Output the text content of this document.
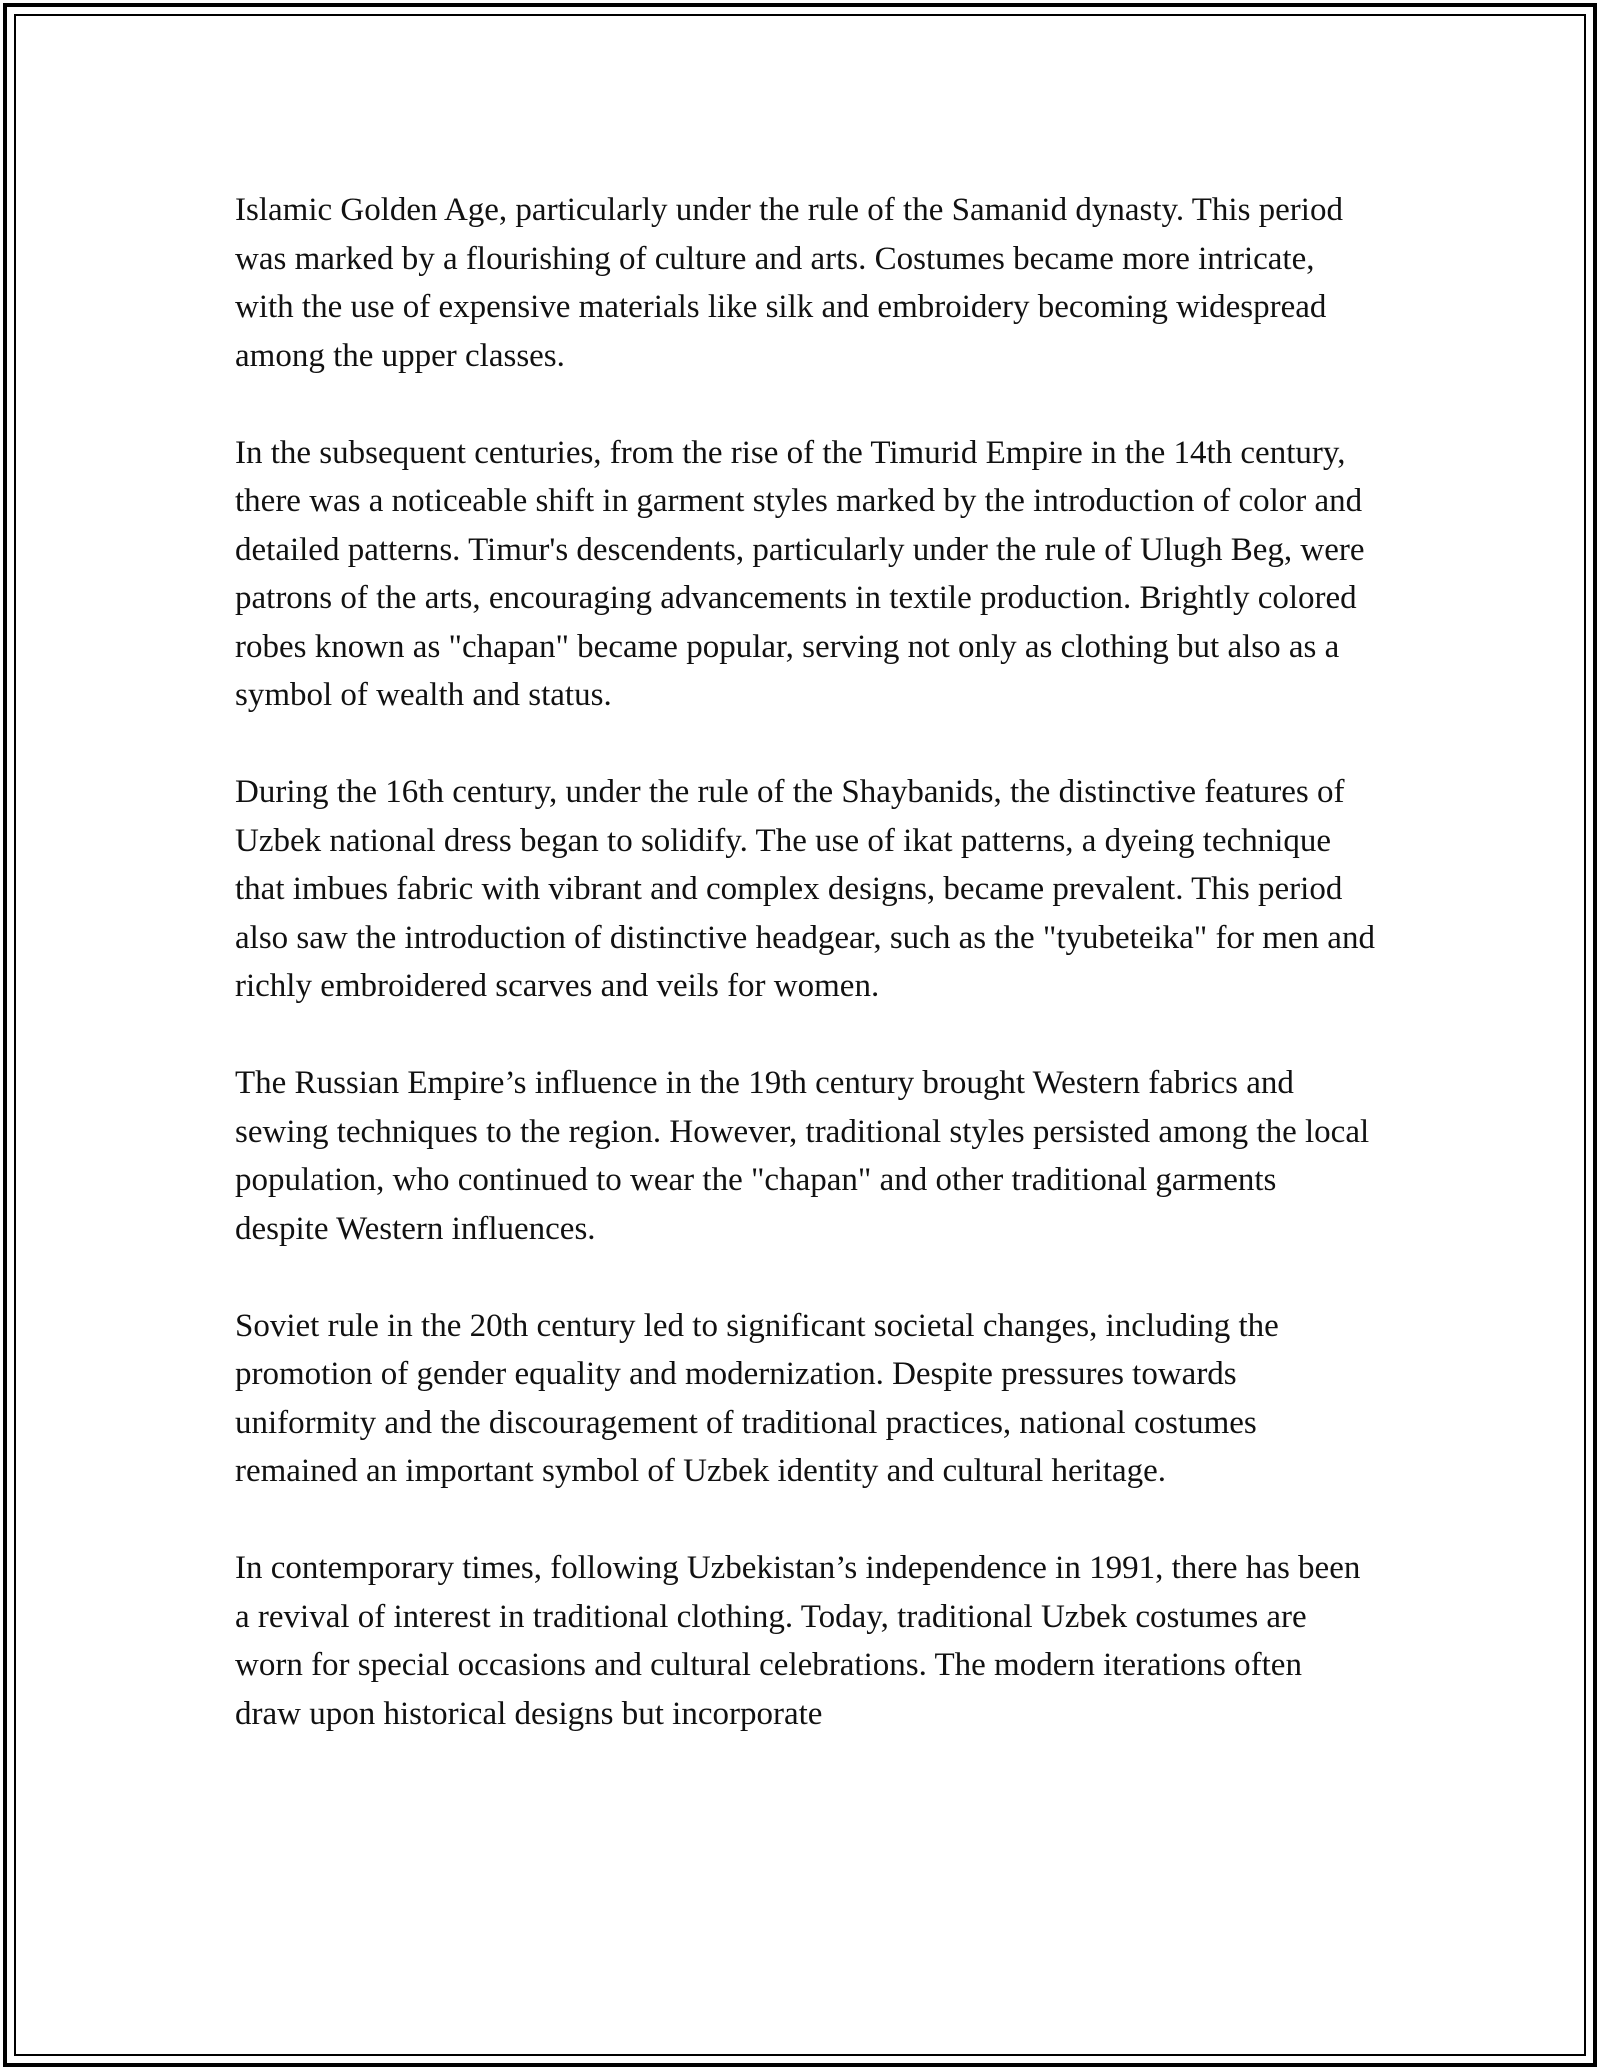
Islamic Golden Age, particularly under the rule of the Samanid dynasty. This period was marked by a flourishing of culture and arts. Costumes became more intricate, with the use of expensive materials like silk and embroidery becoming widespread among the upper classes.

In the subsequent centuries, from the rise of the Timurid Empire in the 14th century, there was a noticeable shift in garment styles marked by the introduction of color and detailed patterns. Timur's descendents, particularly under the rule of Ulugh Beg, were patrons of the arts, encouraging advancements in textile production. Brightly colored robes known as "chapan" became popular, serving not only as clothing but also as a symbol of wealth and status.

During the 16th century, under the rule of the Shaybanids, the distinctive features of Uzbek national dress began to solidify. The use of ikat patterns, a dyeing technique that imbues fabric with vibrant and complex designs, became prevalent. This period also saw the introduction of distinctive headgear, such as the "tyubeteika" for men and richly embroidered scarves and veils for women.

The Russian Empire’s influence in the 19th century brought Western fabrics and sewing techniques to the region. However, traditional styles persisted among the local population, who continued to wear the "chapan" and other traditional garments despite Western influences.

Soviet rule in the 20th century led to significant societal changes, including the promotion of gender equality and modernization. Despite pressures towards uniformity and the discouragement of traditional practices, national costumes remained an important symbol of Uzbek identity and cultural heritage.

In contemporary times, following Uzbekistan’s independence in 1991, there has been a revival of interest in traditional clothing. Today, traditional Uzbek costumes are worn for special occasions and cultural celebrations. The modern iterations often draw upon historical designs but incorporate
